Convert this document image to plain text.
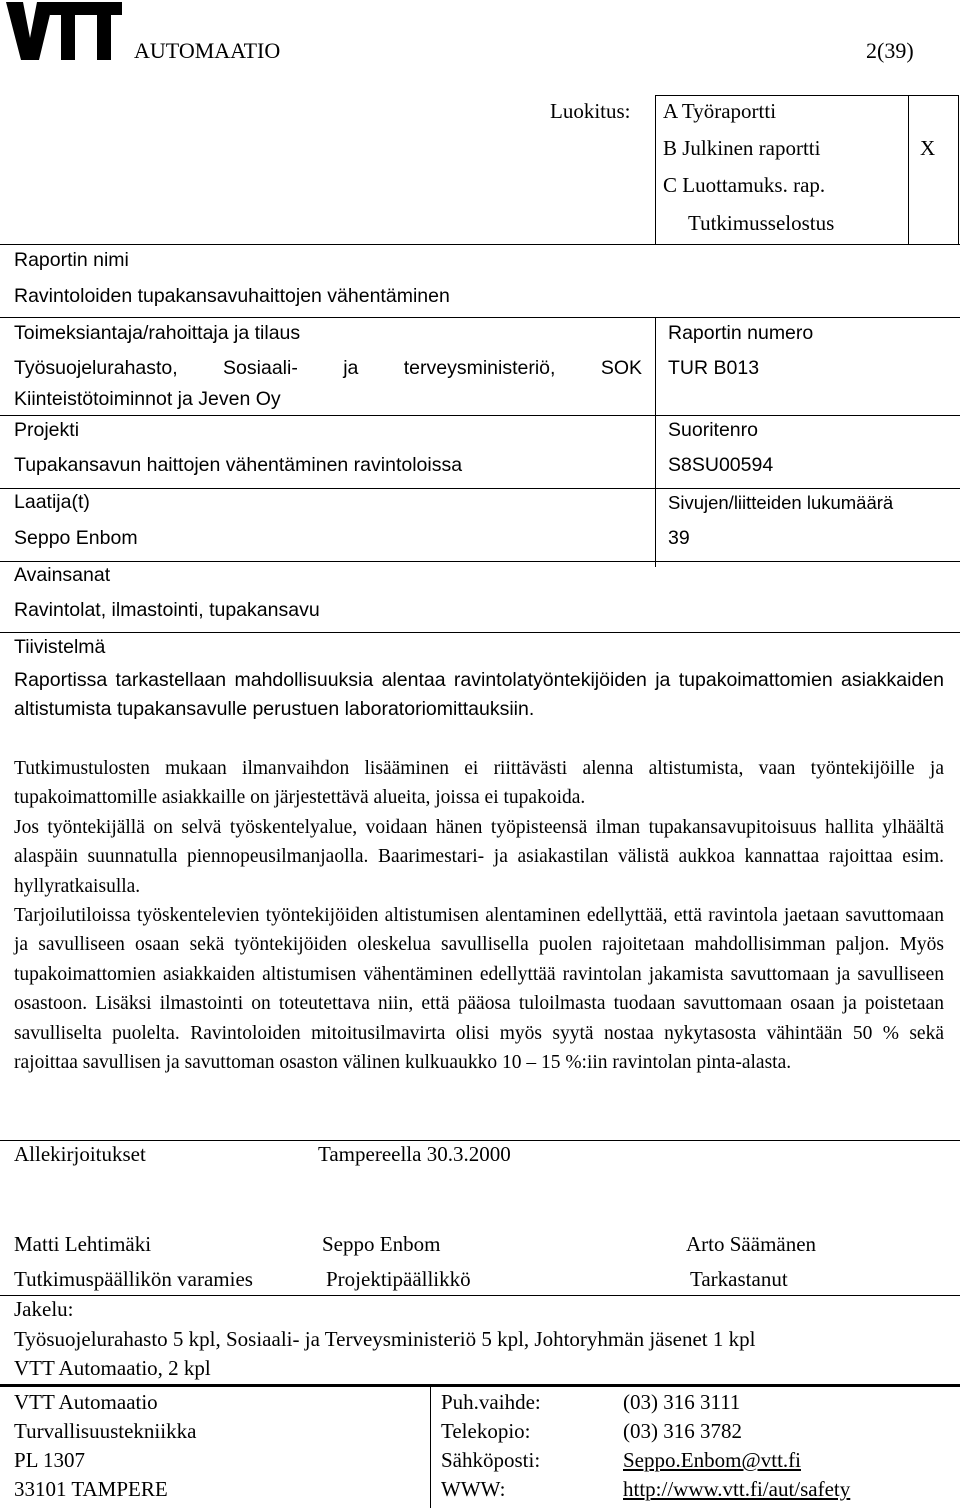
AUTOMAATIO	2(39)
Luokitus: A Työraportti
B Julkinen raportti	X
C Luottamuks. rap.
Tutkimusselostus
Raportin nimi
Ravintoloiden tupakansavuhaittojen vähentäminen
Toimeksiantaja/rahoittaja ja tilaus
Työsuojelurahasto, Sosiaali- ja terveysministeriö, SOK
Kiinteistötoiminnot ja Jeven Oy
Raportin numero
TUR B013
Projekti
Tupakansavun haittojen vähentäminen ravintoloissa
Suoritenro
S8SU00594
Laatija(t)
Seppo Enbom
Sivujen/liitteiden lukumäärä
39
Avainsanat
Ravintolat, ilmastointi, tupakansavu
Tiivistelmä

Raportissa tarkastellaan mahdollisuuksia alentaa ravintolatyöntekijöiden ja tupakoimattomien asiakkaiden altistumista tupakansavulle perustuen laboratoriomittauksiin.

Tutkimustulosten mukaan ilmanvaihdon lisääminen ei riittävästi alenna altistumista, vaan työntekijöille ja tupakoimattomille asiakkaille on järjestettävä alueita, joissa ei tupakoida.

Jos työntekijällä on selvä työskentelyalue, voidaan hänen työpisteensä ilman tupakansavupitoisuus hallita ylhäältä alaspäin suunnatulla piennopeusilmanjaolla. Baarimestari- ja asiakastilan välistä aukkoa kannattaa rajoittaa esim. hyllyratkaisulla.

Tarjoilutiloissa työskentelevien työntekijöiden altistumisen alentaminen edellyttää, että ravintola jaetaan savuttomaan ja savulliseen osaan sekä työntekijöiden oleskelua savullisella puolen rajoitetaan mahdollisimman paljon. Myös tupakoimattomien asiakkaiden altistumisen vähentäminen edellyttää ravintolan jakamista savuttomaan ja savulliseen osastoon. Lisäksi ilmastointi on toteutettava niin, että pääosa tuloilmasta tuodaan savuttomaan osaan ja poistetaan savulliselta puolelta. Ravintoloiden mitoitusilmavirta olisi myös syytä nostaa nykytasosta vähintään 50 % sekä rajoittaa savullisen ja savuttoman osaston välinen kulkuaukko 10 – 15 %:iin ravintolan pinta-alasta.

Allekirjoitukset	Tampereella 30.3.2000
Matti Lehtimäki	Seppo Enbom	Arto Säämänen
Tutkimuspäällikön varamies	Projektipäällikkö	Tarkastanut
Jakelu:
Työsuojelurahasto 5 kpl, Sosiaali- ja Terveysministeriö 5 kpl, Johtoryhmän jäsenet 1 kpl
VTT Automaatio, 2 kpl
VTT Automaatio
Turvallisuustekniikka
PL 1307
33101 TAMPERE
Puh.vaihde:	(03) 316 3111
Telekopio:	(03) 316 3782
Sähköposti:	Seppo.Enbom@vtt.fi
WWW:	http://www.vtt.fi/aut/safety
